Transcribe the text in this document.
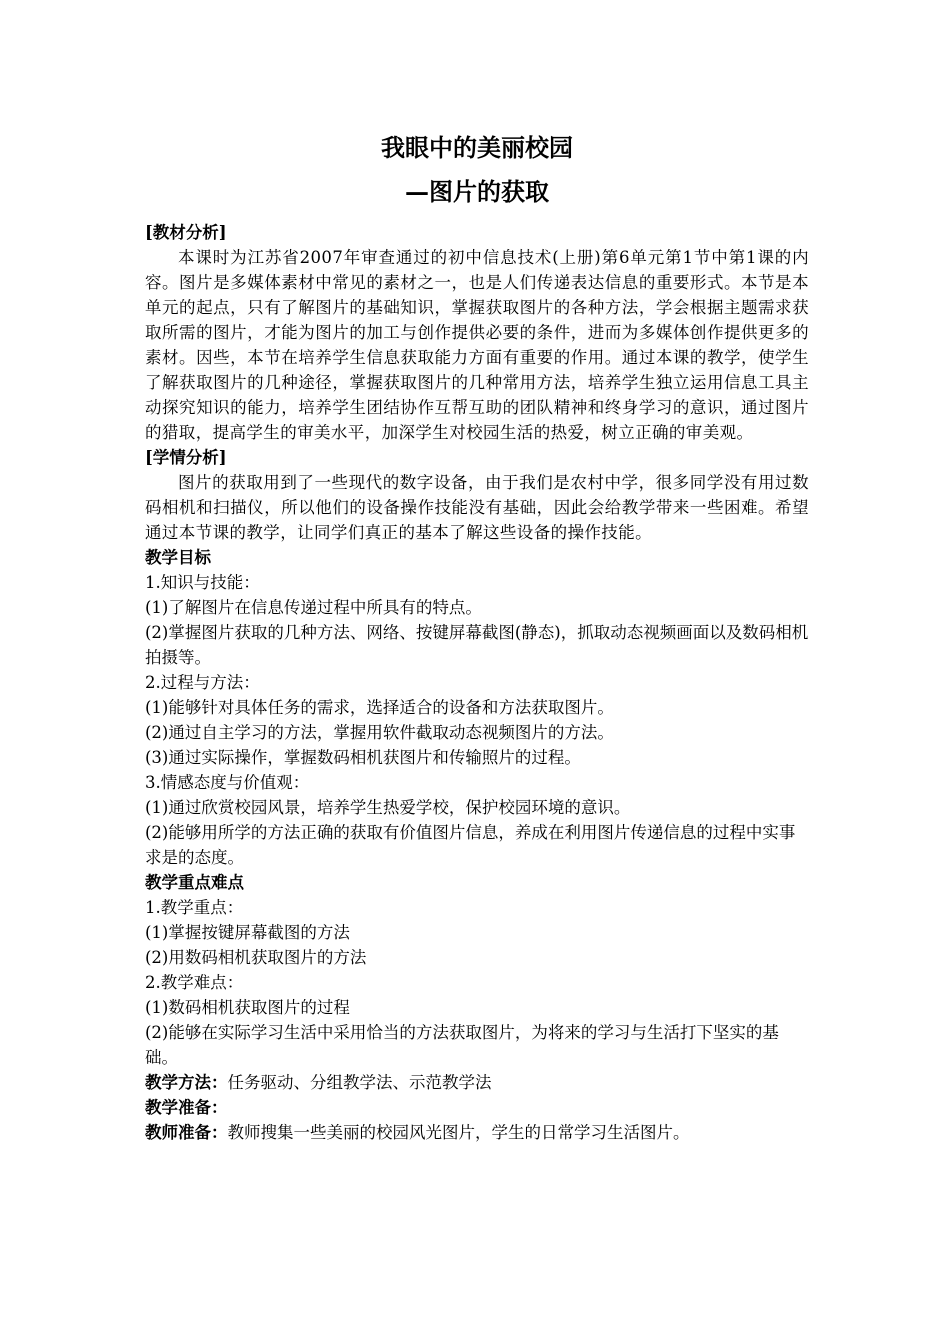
我眼中的美丽校园
—图片的获取

[教材分析]

本课时为江苏省2007年审查通过的初中信息技术(上册)第6单元第1节中第1课的内容。图片是多媒体素材中常见的素材之一，也是人们传递表达信息的重要形式。本节是本单元的起点，只有了解图片的基础知识，掌握获取图片的各种方法，学会根据主题需求获取所需的图片，才能为图片的加工与创作提供必要的条件，进而为多媒体创作提供更多的素材。因些，本节在培养学生信息获取能力方面有重要的作用。通过本课的教学，使学生了解获取图片的几种途径，掌握获取图片的几种常用方法，培养学生独立运用信息工具主动探究知识的能力，培养学生团结协作互帮互助的团队精神和终身学习的意识，通过图片的猎取，提高学生的审美水平，加深学生对校园生活的热爱，树立正确的审美观。

[学情分析]

图片的获取用到了一些现代的数字设备，由于我们是农村中学，很多同学没有用过数码相机和扫描仪，所以他们的设备操作技能没有基础，因此会给教学带来一些困难。希望通过本节课的教学，让同学们真正的基本了解这些设备的操作技能。

教学目标

1.知识与技能：

(1)了解图片在信息传递过程中所具有的特点。

(2)掌握图片获取的几种方法、网络、按键屏幕截图(静态)，抓取动态视频画面以及数码相机拍摄等。

2.过程与方法：

(1)能够针对具体任务的需求，选择适合的设备和方法获取图片。

(2)通过自主学习的方法，掌握用软件截取动态视频图片的方法。

(3)通过实际操作，掌握数码相机获图片和传输照片的过程。

3.情感态度与价值观：

(1)通过欣赏校园风景，培养学生热爱学校，保护校园环境的意识。

(2)能够用所学的方法正确的获取有价值图片信息，养成在利用图片传递信息的过程中实事求是的态度。

教学重点难点

1.教学重点：

(1)掌握按键屏幕截图的方法

(2)用数码相机获取图片的方法

2.教学难点：

(1)数码相机获取图片的过程

(2)能够在实际学习生活中采用恰当的方法获取图片，为将来的学习与生活打下坚实的基础。

教学方法：任务驱动、分组教学法、示范教学法

教学准备：

教师准备：教师搜集一些美丽的校园风光图片，学生的日常学习生活图片。
